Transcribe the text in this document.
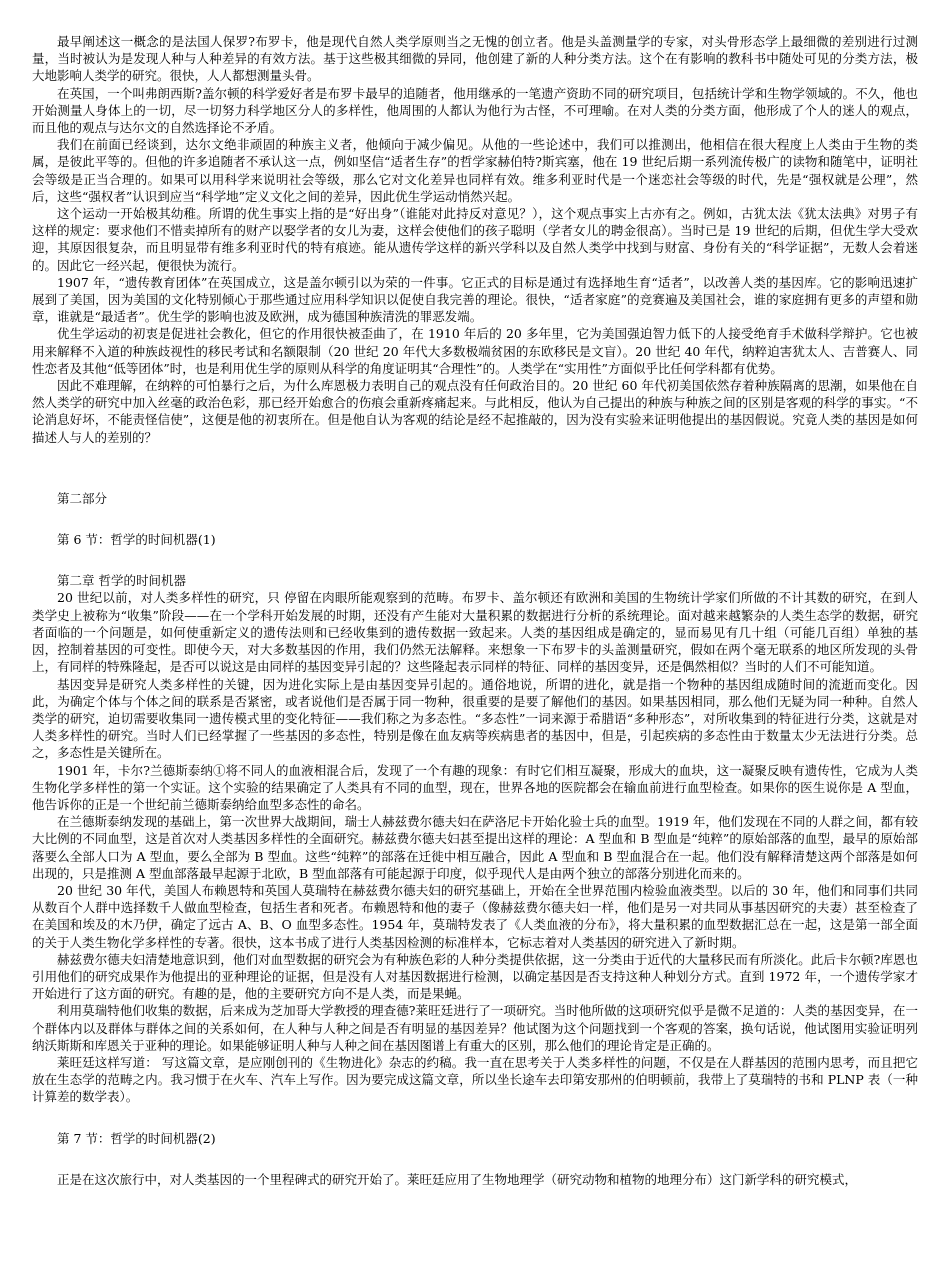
最早阐述这一概念的是法国人保罗?布罗卡，他是现代自然人类学原则当之无愧的创立者。他是头盖测量学的专家，对头骨形态学上最细微的差别进行过测量，当时被认为是发现人种与人种差异的有效方法。基于这些极其细微的异同，他创建了新的人种分类方法。这个在有影响的教科书中随处可见的分类方法，极大地影响人类学的研究。很快，人人都想测量头骨。

在英国，一个叫弗朗西斯?盖尔顿的科学爱好者是布罗卡最早的追随者，他用继承的一笔遗产资助不同的研究项目，包括统计学和生物学领域的。不久，他也开始测量人身体上的一切，尽一切努力科学地区分人的多样性，他周围的人都认为他行为古怪，不可理喻。在对人类的分类方面，他形成了个人的迷人的观点，而且他的观点与达尔文的自然选择论不矛盾。

我们在前面已经谈到，达尔文绝非顽固的种族主义者，他倾向于减少偏见。从他的一些论述中，我们可以推测出，他相信在很大程度上人类由于生物的类属，是彼此平等的。但他的许多追随者不承认这一点，例如坚信“适者生存”的哲学家赫伯特?斯宾塞，他在 19 世纪后期一系列流传极广的读物和随笔中，证明社会等级是正当合理的。如果可以用科学来说明社会等级，那么它对文化差异也同样有效。维多利亚时代是一个迷恋社会等级的时代，先是“强权就是公理”，然后，这些“强权者”认识到应当“科学地”定义文化之间的差异，因此优生学运动悄然兴起。

这个运动一开始极其幼稚。所谓的优生事实上指的是“好出身”（谁能对此持反对意见？），这个观点事实上古亦有之。例如，古犹太法《犹太法典》对男子有这样的规定：要求他们不惜卖掉所有的财产以娶学者的女儿为妻，这样会使他们的孩子聪明（学者女儿的聘金很高）。当时已是 19 世纪的后期，但优生学大受欢迎，其原因很复杂，而且明显带有维多利亚时代的特有痕迹。能从遗传学这样的新兴学科以及自然人类学中找到与财富、身份有关的“科学证据”，无数人会着迷的。因此它一经兴起，便很快为流行。

1907 年，“遗传教育团体”在英国成立，这是盖尔顿引以为荣的一件事。它正式的目标是通过有选择地生育“适者”，以改善人类的基因库。它的影响迅速扩展到了美国，因为美国的文化特别倾心于那些通过应用科学知识以促使自我完善的理论。很快，“适者家庭”的竞赛遍及美国社会，谁的家庭拥有更多的声望和勋章，谁就是“最适者”。优生学的影响也波及欧洲，成为德国种族清洗的罪恶发端。

优生学运动的初衷是促进社会教化，但它的作用很快被歪曲了，在 1910 年后的 20 多年里，它为美国强迫智力低下的人接受绝育手术做科学辩护。它也被用来解释不入道的种族歧视性的移民考试和名额限制（20 世纪 20 年代大多数极端贫困的东欧移民是文盲）。20 世纪 40 年代，纳粹迫害犹太人、吉普赛人、同性恋者及其他“低等团体”时，也是利用优生学的原则从科学的角度证明其“合理性”的。人类学在“实用性”方面似乎比任何学科都有优势。

因此不难理解，在纳粹的可怕暴行之后，为什么库恩极力表明自己的观点没有任何政治目的。20 世纪 60 年代初美国依然存着种族隔离的思潮，如果他在自然人类学的研究中加入丝毫的政治色彩，那已经开始愈合的伤痕会重新疼痛起来。与此相反，他认为自己提出的种族与种族之间的区别是客观的科学的事实。“不论消息好坏，不能责怪信使”，这便是他的初衷所在。但是他自认为客观的结论是经不起推敲的，因为没有实验来证明他提出的基因假说。究竟人类的基因是如何描述人与人的差别的？

第二部分

第 6 节：哲学的时间机器(1)

第二章 哲学的时间机器

20 世纪以前，对人类多样性的研究，只 停留在肉眼所能观察到的范畴。布罗卡、盖尔顿还有欧洲和美国的生物统计学家们所做的不计其数的研究，在到人类学史上被称为“收集”阶段——在一个学科开始发展的时期，还没有产生能对大量积累的数据进行分析的系统理论。面对越来越繁杂的人类生态学的数据，研究者面临的一个问题是，如何使重新定义的遗传法则和已经收集到的遗传数据一致起来。人类的基因组成是确定的，显而易见有几十组（可能几百组）单独的基因，控制着基因的可变性。即使今天，对大多数基因的作用，我们仍然无法解释。来想象一下布罗卡的头盖测量研究，假如在两个毫无联系的地区所发现的头骨上，有同样的特殊隆起，是否可以说这是由同样的基因变异引起的？这些隆起表示同样的特征、同样的基因变异，还是偶然相似？当时的人们不可能知道。

基因变异是研究人类多样性的关键，因为进化实际上是由基因变异引起的。通俗地说，所谓的进化，就是指一个物种的基因组成随时间的流逝而变化。因此，为确定个体与个体之间的联系是否紧密，或者说他们是否属于同一物种，很重要的是要了解他们的基因。如果基因相同，那么他们无疑为同一种种。自然人类学的研究，迫切需要收集同一遗传模式里的变化特征——我们称之为多态性。“多态性”一词来源于希腊语“多种形态”，对所收集到的特征进行分类，这就是对人类多样性的研究。当时人们已经掌握了一些基因的多态性，特别是像在血友病等疾病患者的基因中，但是，引起疾病的多态性由于数量太少无法进行分类。总之，多态性是关键所在。

1901 年，卡尔?兰德斯泰纳①将不同人的血液相混合后，发现了一个有趣的现象：有时它们相互凝聚，形成大的血块，这一凝聚反映有遗传性，它成为人类生物化学多样性的第一个实证。这个实验的结果确定了人类具有不同的血型，现在，世界各地的医院都会在输血前进行血型检查。如果你的医生说你是 A 型血，他告诉你的正是一个世纪前兰德斯泰纳给血型多态性的命名。

在兰德斯泰纳发现的基础上，第一次世界大战期间，瑞士人赫兹费尔德夫妇在萨洛尼卡开始化验士兵的血型。1919 年，他们发现在不同的人群之间，都有较大比例的不同血型，这是首次对人类基因多样性的全面研究。赫兹费尔德夫妇甚至提出这样的理论：A 型血和 B 型血是“纯粹”的原始部落的血型，最早的原始部落要么全部人口为 A 型血，要么全部为 B 型血。这些“纯粹”的部落在迁徙中相互融合，因此 A 型血和 B 型血混合在一起。他们没有解释清楚这两个部落是如何出现的，只是推测 A 型血部落最早起源于北欧，B 型血部落有可能起源于印度，似乎现代人是由两个独立的部落分别进化而来的。

20 世纪 30 年代，美国人布赖恩特和英国人莫瑞特在赫兹费尔德夫妇的研究基础上，开始在全世界范围内检验血液类型。以后的 30 年，他们和同事们共同从数百个人群中选择数千人做血型检查，包括生者和死者。布赖恩特和他的妻子（像赫兹费尔德夫妇一样，他们是另一对共同从事基因研究的夫妻）甚至检查了在美国和埃及的木乃伊，确定了远古 A、B、O 血型多态性。1954 年，莫瑞特发表了《人类血液的分布》，将大量积累的血型数据汇总在一起，这是第一部全面的关于人类生物化学多样性的专著。很快，这本书成了进行人类基因检测的标准样本，它标志着对人类基因的研究进入了新时期。

赫兹费尔德夫妇清楚地意识到，他们对血型数据的研究会为有种族色彩的人种分类提供依据，这一分类由于近代的大量移民而有所淡化。此后卡尔顿?库恩也引用他们的研究成果作为他提出的亚种理论的证据，但是没有人对基因数据进行检测，以确定基因是否支持这种人种划分方式。直到 1972 年，一个遗传学家才开始进行了这方面的研究。有趣的是，他的主要研究方向不是人类，而是果蝇。

利用莫瑞特他们收集的数据，后来成为芝加哥大学教授的理查德?莱旺廷进行了一项研究。当时他所做的这项研究似乎是微不足道的：人类的基因变异，在一个群体内以及群体与群体之间的关系如何，在人种与人种之间是否有明显的基因差异？他试图为这个问题找到一个客观的答案，换句话说，他试图用实验证明列纳沃斯斯和库恩关于亚种的理论。如果能够证明人种与人种之间在基因图谱上有重大的区别，那么他们的理论肯定是正确的。

莱旺廷这样写道： 写这篇文章，是应刚创刊的《生物进化》杂志的约稿。我一直在思考关于人类多样性的问题，不仅是在人群基因的范围内思考，而且把它放在生态学的范畴之内。我习惯于在火车、汽车上写作。因为要完成这篇文章，所以坐长途车去印第安那州的伯明顿前，我带上了莫瑞特的书和 PLNP 表（一种计算差的数学表）。

第 7 节：哲学的时间机器(2)

正是在这次旅行中，对人类基因的一个里程碑式的研究开始了。莱旺廷应用了生物地理学（研究动物和植物的地理分布）这门新学科的研究模式，
